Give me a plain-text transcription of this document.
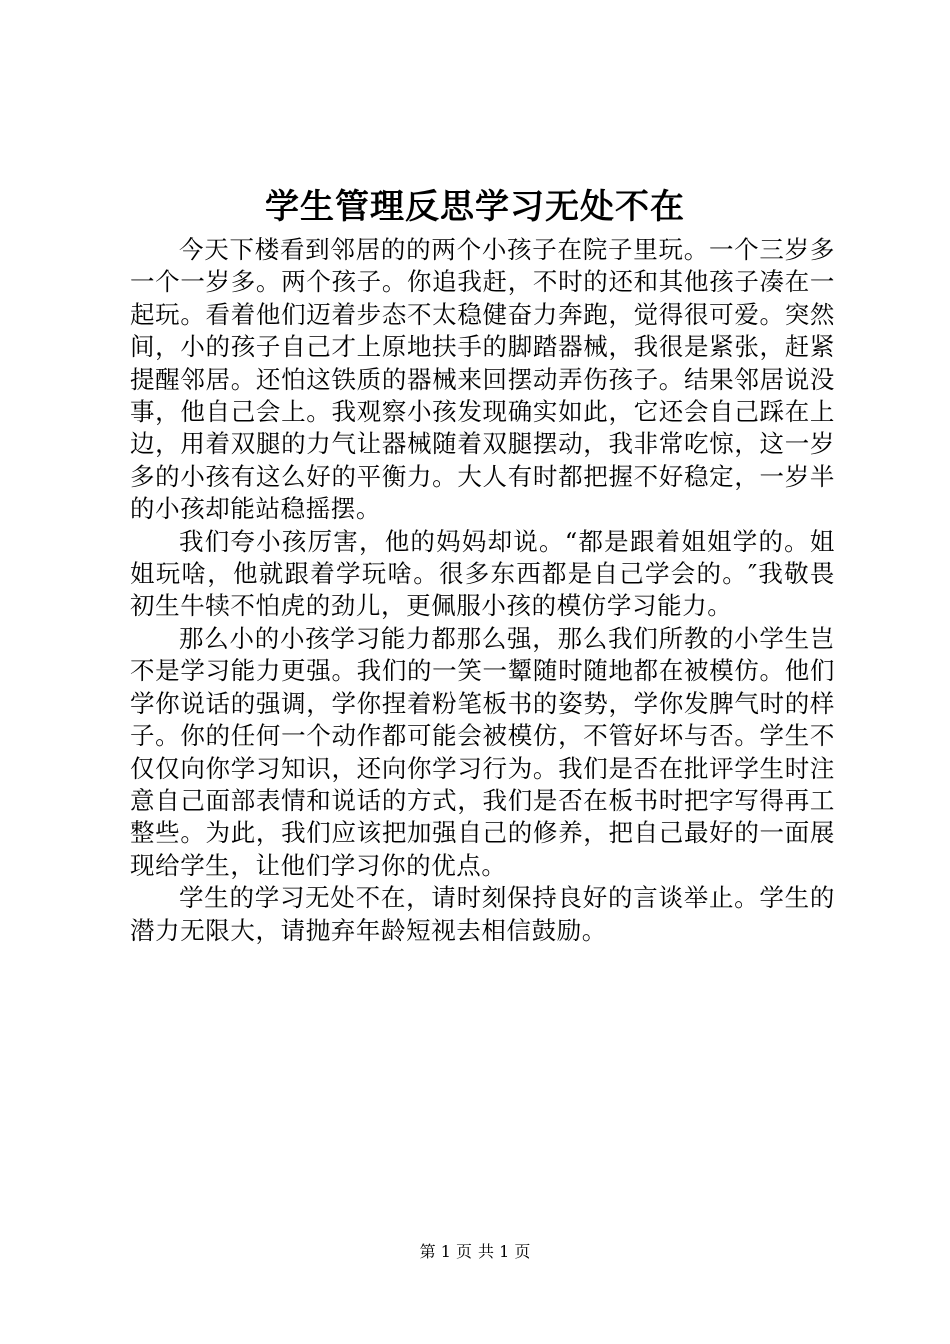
学生管理反思学习无处不在

今天下楼看到邻居的的两个小孩子在院子里玩。一个三岁多一个一岁多。两个孩子。你追我赶，不时的还和其他孩子凑在一起玩。看着他们迈着步态不太稳健奋力奔跑，觉得很可爱。突然间，小的孩子自己才上原地扶手的脚踏器械，我很是紧张，赶紧提醒邻居。还怕这铁质的器械来回摆动弄伤孩子。结果邻居说没事，他自己会上。我观察小孩发现确实如此，它还会自己踩在上边，用着双腿的力气让器械随着双腿摆动，我非常吃惊，这一岁多的小孩有这么好的平衡力。大人有时都把握不好稳定，一岁半的小孩却能站稳摇摆。

我们夸小孩厉害，他的妈妈却说。“都是跟着姐姐学的。姐姐玩啥，他就跟着学玩啥。很多东西都是自己学会的。″我敬畏初生牛犊不怕虎的劲儿，更佩服小孩的模仿学习能力。

那么小的小孩学习能力都那么强，那么我们所教的小学生岂不是学习能力更强。我们的一笑一颦随时随地都在被模仿。他们学你说话的强调，学你捏着粉笔板书的姿势，学你发脾气时的样子。你的任何一个动作都可能会被模仿，不管好坏与否。学生不仅仅向你学习知识，还向你学习行为。我们是否在批评学生时注意自己面部表情和说话的方式，我们是否在板书时把字写得再工整些。为此，我们应该把加强自己的修养，把自己最好的一面展现给学生，让他们学习你的优点。

学生的学习无处不在，请时刻保持良好的言谈举止。学生的潜力无限大，请抛弃年龄短视去相信鼓励。

第 1 页 共 1 页
